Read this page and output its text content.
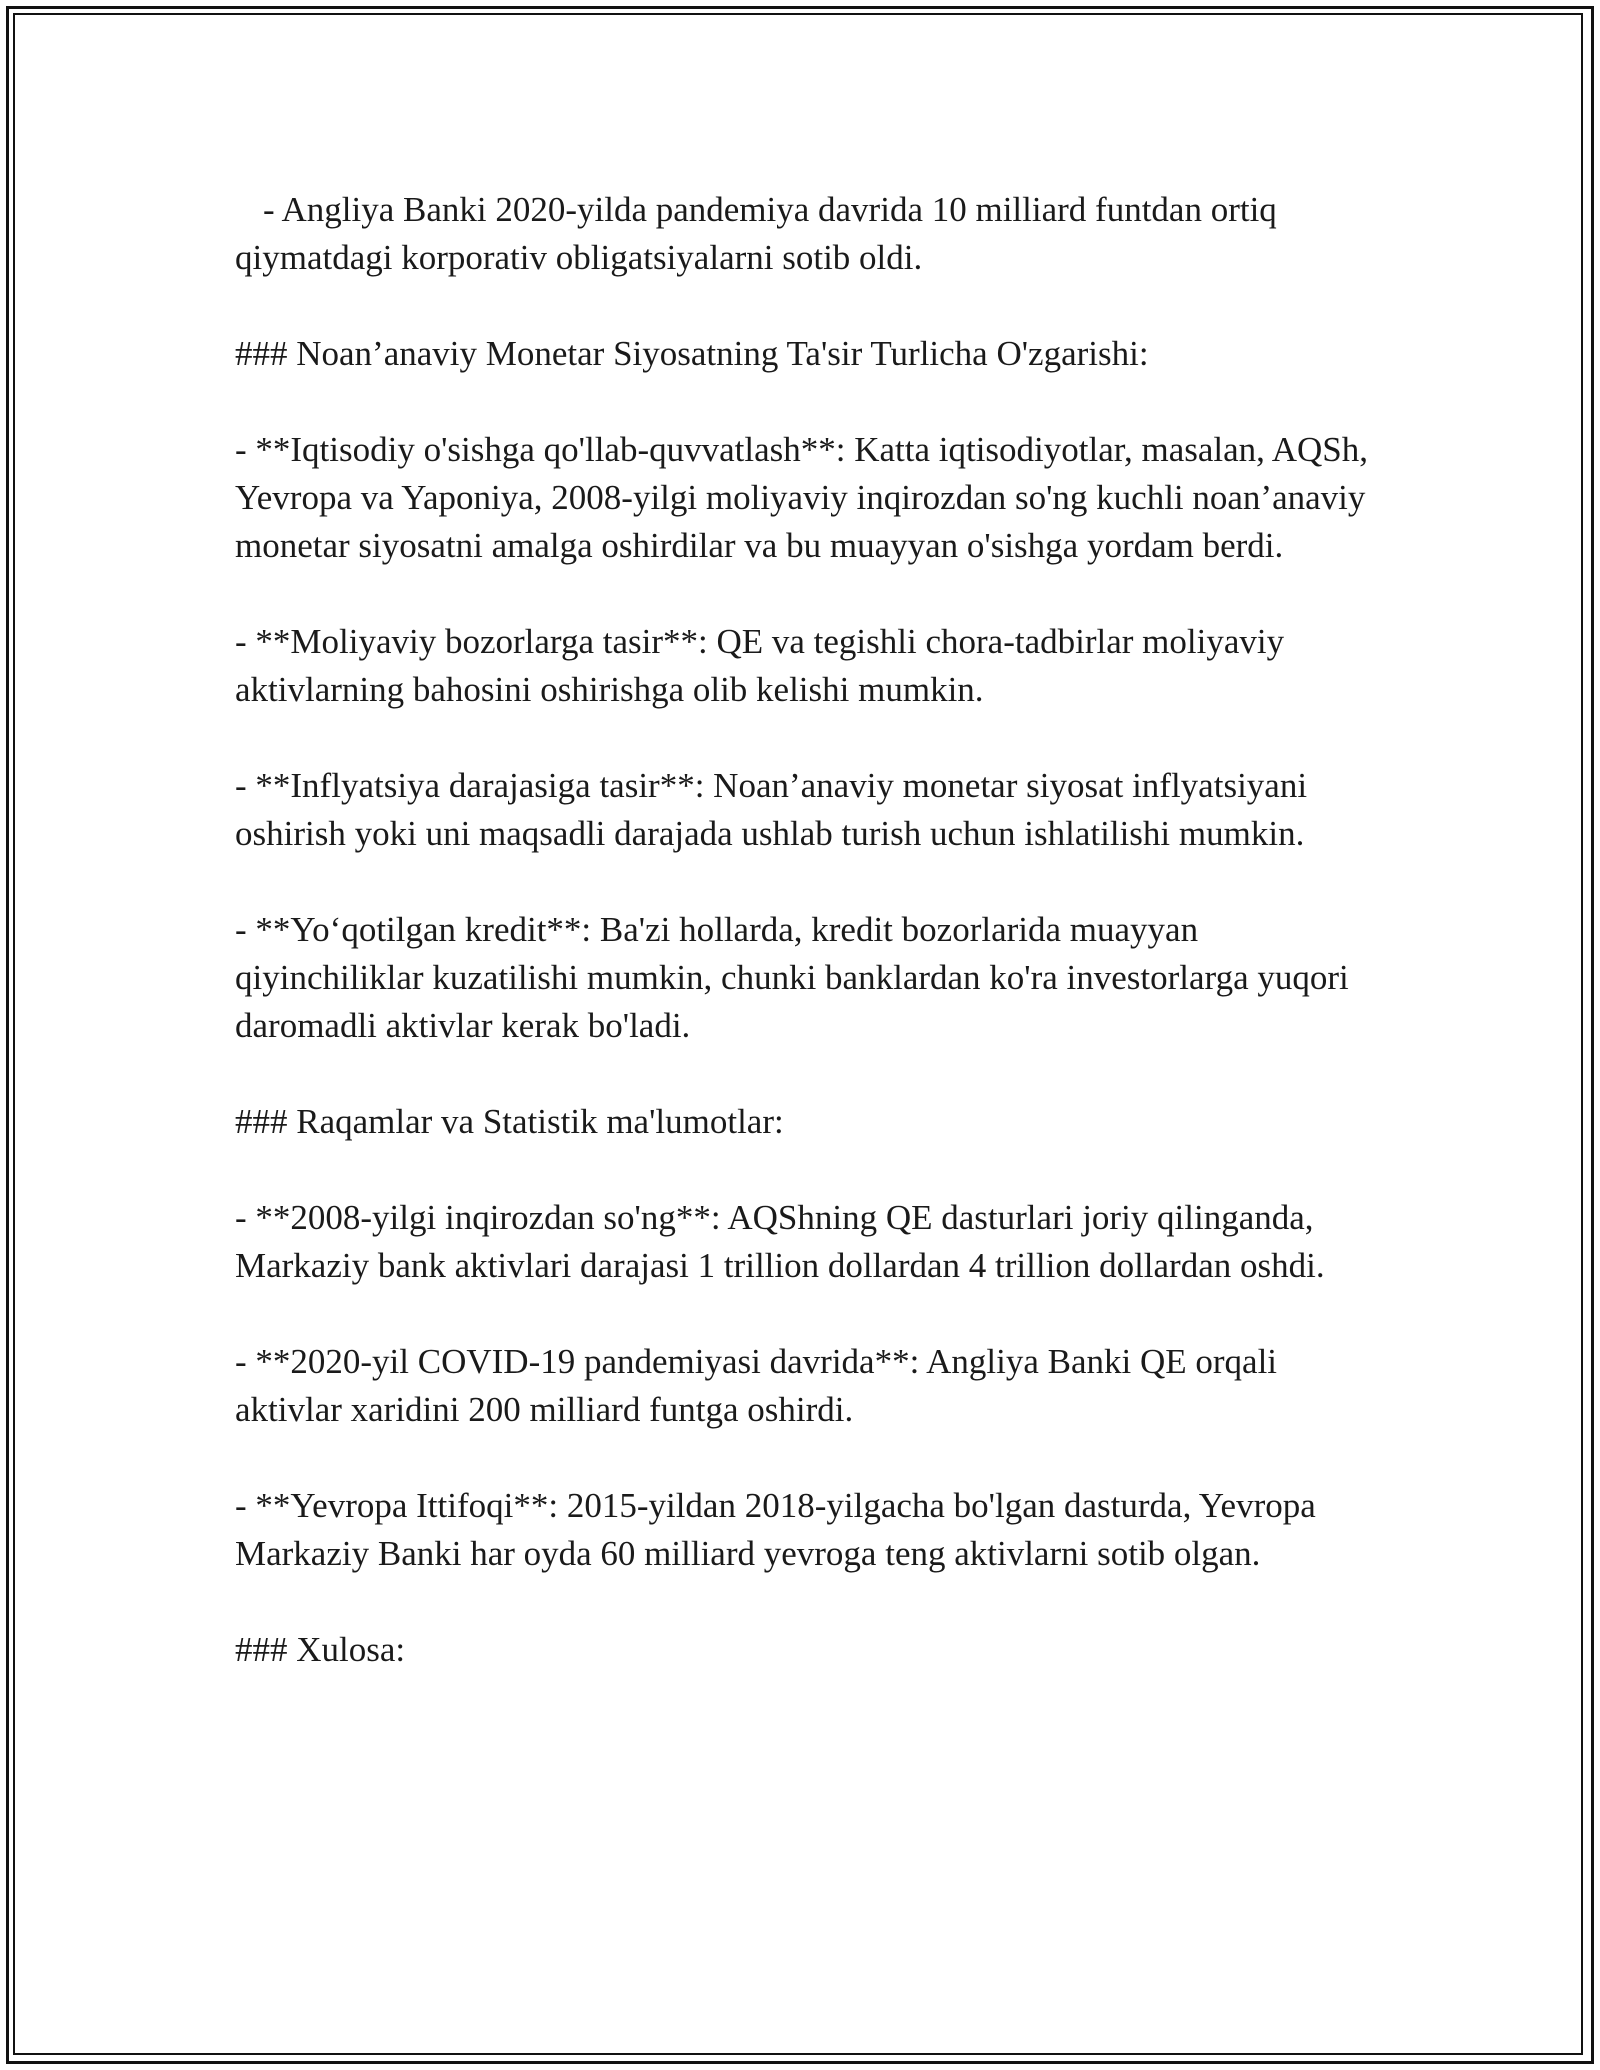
- Angliya Banki 2020-yilda pandemiya davrida 10 milliard funtdan ortiq qiymatdagi korporativ obligatsiyalarni sotib oldi.

### Noan’anaviy Monetar Siyosatning Ta'sir Turlicha O'zgarishi:

- **Iqtisodiy o'sishga qo'llab-quvvatlash**: Katta iqtisodiyotlar, masalan, AQSh, Yevropa va Yaponiya, 2008-yilgi moliyaviy inqirozdan so'ng kuchli noan’anaviy monetar siyosatni amalga oshirdilar va bu muayyan o'sishga yordam berdi.

- **Moliyaviy bozorlarga tasir**: QE va tegishli chora-tadbirlar moliyaviy aktivlarning bahosini oshirishga olib kelishi mumkin.

- **Inflyatsiya darajasiga tasir**: Noan’anaviy monetar siyosat inflyatsiyani oshirish yoki uni maqsadli darajada ushlab turish uchun ishlatilishi mumkin.

- **Yo‘qotilgan kredit**: Ba'zi hollarda, kredit bozorlarida muayyan qiyinchiliklar kuzatilishi mumkin, chunki banklardan ko'ra investorlarga yuqori daromadli aktivlar kerak bo'ladi.

### Raqamlar va Statistik ma'lumotlar:

- **2008-yilgi inqirozdan so'ng**: AQShning QE dasturlari joriy qilinganda, Markaziy bank aktivlari darajasi 1 trillion dollardan 4 trillion dollardan oshdi.

- **2020-yil COVID-19 pandemiyasi davrida**: Angliya Banki QE orqali aktivlar xaridini 200 milliard funtga oshirdi.

- **Yevropa Ittifoqi**: 2015-yildan 2018-yilgacha bo'lgan dasturda, Yevropa Markaziy Banki har oyda 60 milliard yevroga teng aktivlarni sotib olgan.

### Xulosa:
